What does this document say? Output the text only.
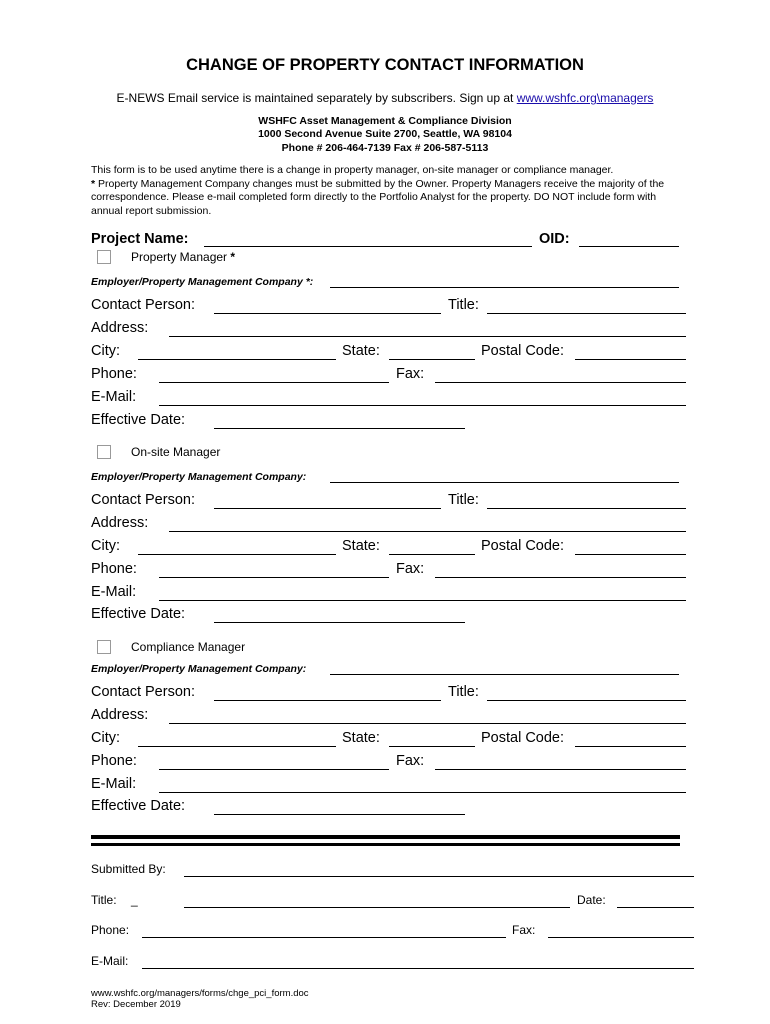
CHANGE OF PROPERTY CONTACT INFORMATION
E-NEWS Email service is maintained separately by subscribers. Sign up at www.wshfc.org\managers
WSHFC Asset Management & Compliance Division
1000 Second Avenue Suite 2700, Seattle, WA 98104
Phone # 206-464-7139 Fax # 206-587-5113

This form is to be used anytime there is a change in property manager, on-site manager or compliance manager.

* Property Management Company changes must be submitted by the Owner. Property Managers receive the majority of the correspondence. Please e-mail completed form directly to the Portfolio Analyst for the property. DO NOT include form with annual report submission.

Project Name:	OID:
Property Manager *
Employer/Property Management Company *:
Contact Person:	Title:
Address:
City:	State:	Postal Code:
Phone:	Fax:
E-Mail:
Effective Date:
On-site Manager
Employer/Property Management Company:
Contact Person:	Title:
Address:
City:	State:	Postal Code:
Phone:	Fax:
E-Mail:
Effective Date:
Compliance Manager
Employer/Property Management Company:
Contact Person:	Title:
Address:
City:	State:	Postal Code:
Phone:	Fax:
E-Mail:
Effective Date:
Submitted By:
Title: _	Date:
Phone:	Fax:
E-Mail:
www.wshfc.org/managers/forms/chge_pci_form.doc
Rev: December 2019
